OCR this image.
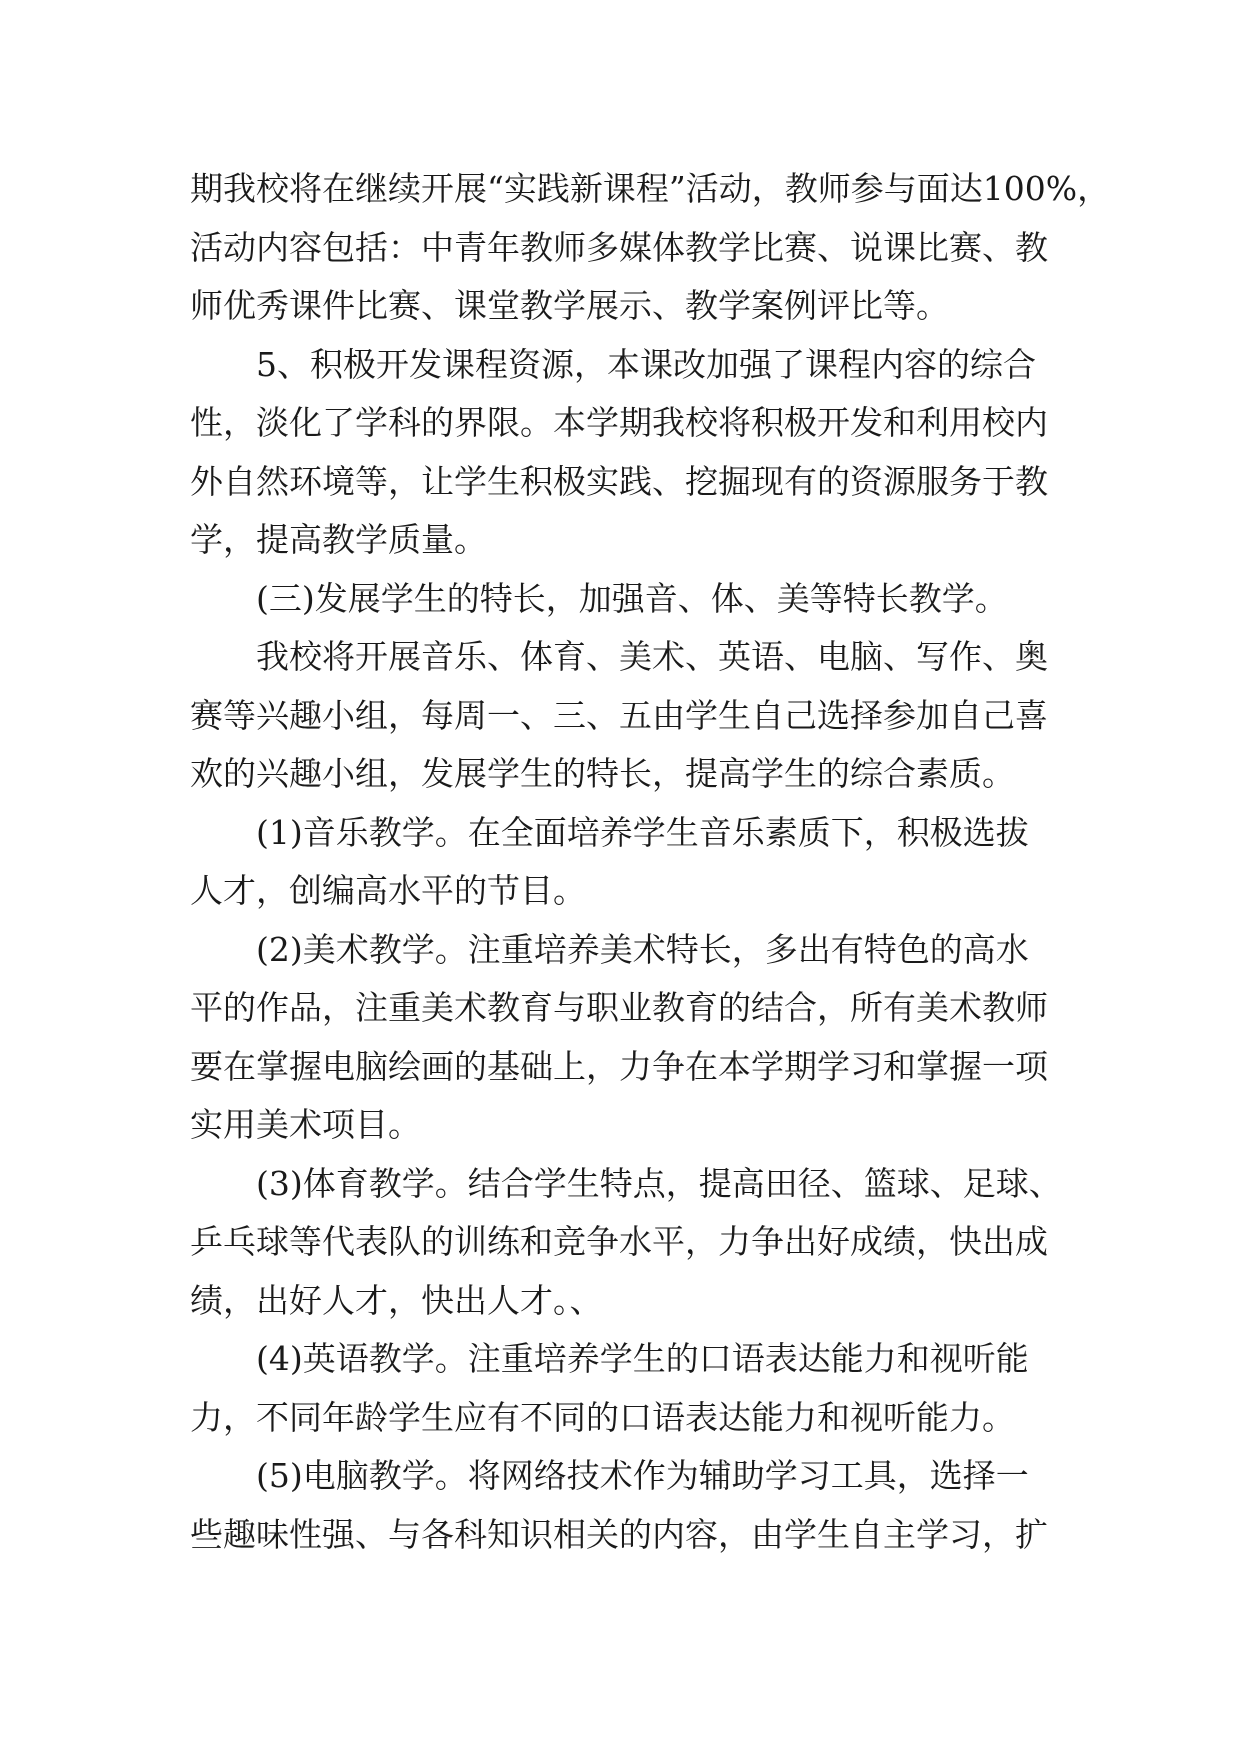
期我校将在继续开展“实践新课程”活动，教师参与面达100%，
活动内容包括：中青年教师多媒体教学比赛、说课比赛、教
师优秀课件比赛、课堂教学展示、教学案例评比等。
5、积极开发课程资源，本课改加强了课程内容的综合
性，淡化了学科的界限。本学期我校将积极开发和利用校内
外自然环境等，让学生积极实践、挖掘现有的资源服务于教
学，提高教学质量。
(三)发展学生的特长，加强音、体、美等特长教学。
我校将开展音乐、体育、美术、英语、电脑、写作、奥
赛等兴趣小组，每周一、三、五由学生自己选择参加自己喜
欢的兴趣小组，发展学生的特长，提高学生的综合素质。
(1)音乐教学。在全面培养学生音乐素质下，积极选拔
人才，创编高水平的节目。
(2)美术教学。注重培养美术特长，多出有特色的高水
平的作品，注重美术教育与职业教育的结合，所有美术教师
要在掌握电脑绘画的基础上，力争在本学期学习和掌握一项
实用美术项目。
(3)体育教学。结合学生特点，提高田径、篮球、足球、
乒乓球等代表队的训练和竞争水平，力争出好成绩，快出成
绩，出好人才，快出人才。、
(4)英语教学。注重培养学生的口语表达能力和视听能
力，不同年龄学生应有不同的口语表达能力和视听能力。
(5)电脑教学。将网络技术作为辅助学习工具，选择一
些趣味性强、与各科知识相关的内容，由学生自主学习，扩
